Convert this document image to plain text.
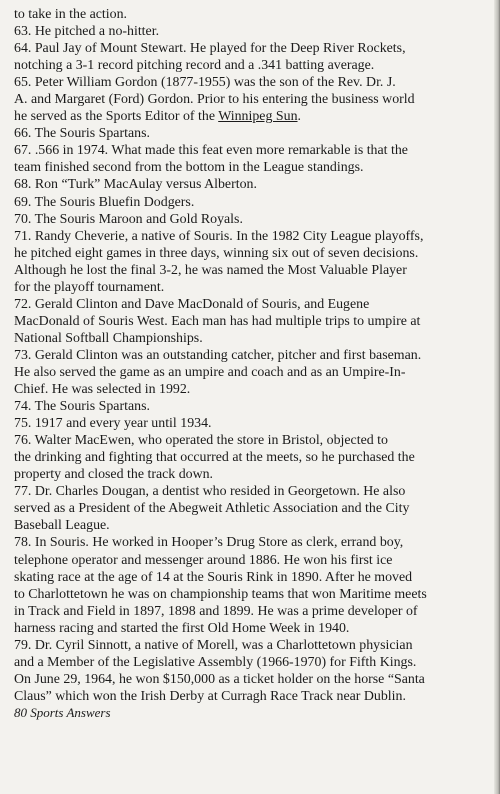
to take in the action.
63. He pitched a no-hitter.
64. Paul Jay of Mount Stewart. He played for the Deep River Rockets,
notching a 3-1 record pitching record and a .341 batting average.
65. Peter William Gordon (1877-1955) was the son of the Rev. Dr. J.
A. and Margaret (Ford) Gordon. Prior to his entering the business world
he served as the Sports Editor of the Winnipeg Sun.
66. The Souris Spartans.
67. .566 in 1974. What made this feat even more remarkable is that the
team finished second from the bottom in the League standings.
68. Ron “Turk” MacAulay versus Alberton.
69. The Souris Bluefin Dodgers.
70. The Souris Maroon and Gold Royals.
71. Randy Cheverie, a native of Souris. In the 1982 City League playoffs,
he pitched eight games in three days, winning six out of seven decisions.
Although he lost the final 3-2, he was named the Most Valuable Player
for the playoff tournament.
72. Gerald Clinton and Dave MacDonald of Souris, and Eugene
MacDonald of Souris West. Each man has had multiple trips to umpire at
National Softball Championships.
73. Gerald Clinton was an outstanding catcher, pitcher and first baseman.
He also served the game as an umpire and coach and as an Umpire-In-
Chief. He was selected in 1992.
74. The Souris Spartans.
75. 1917 and every year until 1934.
76. Walter MacEwen, who operated the store in Bristol, objected to
the drinking and fighting that occurred at the meets, so he purchased the
property and closed the track down.
77. Dr. Charles Dougan, a dentist who resided in Georgetown. He also
served as a President of the Abegweit Athletic Association and the City
Baseball League.
78. In Souris. He worked in Hooper’s Drug Store as clerk, errand boy,
telephone operator and messenger around 1886. He won his first ice
skating race at the age of 14 at the Souris Rink in 1890. After he moved
to Charlottetown he was on championship teams that won Maritime meets
in Track and Field in 1897, 1898 and 1899. He was a prime developer of
harness racing and started the first Old Home Week in 1940.
79. Dr. Cyril Sinnott, a native of Morell, was a Charlottetown physician
and a Member of the Legislative Assembly (1966-1970) for Fifth Kings.
On June 29, 1964, he won $150,000 as a ticket holder on the horse “Santa
Claus” which won the Irish Derby at Curragh Race Track near Dublin.
80 Sports Answers
